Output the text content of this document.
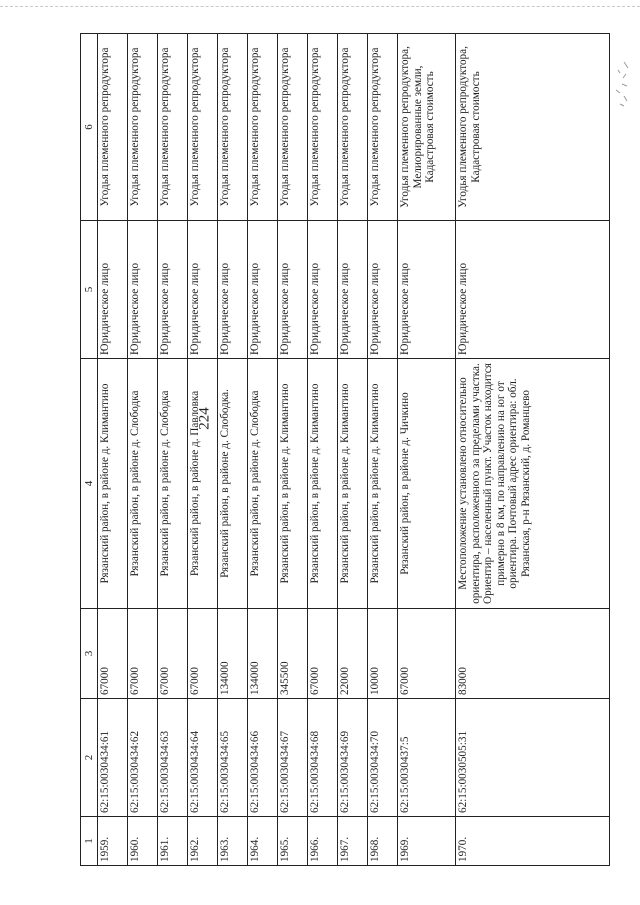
224
1	2	3	4	5	6
1959.	62:15:0030434:61	67000	Рязанский район, в районе д. Климантино	Юридическое лицо	Угодья племенного репродуктора
1960.	62:15:0030434:62	67000	Рязанский район, в районе д. Слободка	Юридическое лицо	Угодья племенного репродуктора
1961.	62:15:0030434:63	67000	Рязанский район, в районе д. Слободка	Юридическое лицо	Угодья племенного репродуктора
1962.	62:15:0030434:64	67000	Рязанский район, в районе д. Павловка	Юридическое лицо	Угодья племенного репродуктора
1963.	62:15:0030434:65	134000	Рязанский район, в районе д. Слободка.	Юридическое лицо	Угодья племенного репродуктора
1964.	62:15:0030434:66	134000	Рязанский район, в районе д. Слободка	Юридическое лицо	Угодья племенного репродуктора
1965.	62:15:0030434:67	345500	Рязанский район, в районе д. Климантино	Юридическое лицо	Угодья племенного репродуктора
1966.	62:15:0030434:68	67000	Рязанский район, в районе д. Климантино	Юридическое лицо	Угодья племенного репродуктора
1967.	62:15:0030434:69	22000	Рязанский район, в районе д. Климантино	Юридическое лицо	Угодья племенного репродуктора
1968.	62:15:0030434:70	10000	Рязанский район, в районе д. Климантино	Юридическое лицо	Угодья племенного репродуктора
1969.	62:15:0030437:5	67000	Рязанский район, в районе д. Чичкино	Юридическое лицо	Угодья племенного репродуктора, Мелиорированные земли, Кадастровая стоимость
1970.	62:15:0030505:31	83000	Местоположение установлено относительно ориентира, расположенного за пределами участка. Ориентир – населенный пункт. Участок находится примерно в 8 км, по направлению на юг от ориентира. Почтовый адрес ориентира: обл. Рязанская, р-н Рязанский, д. Романцево	Юридическое лицо	Угодья племенного репродуктора, Кадастровая стоимость
